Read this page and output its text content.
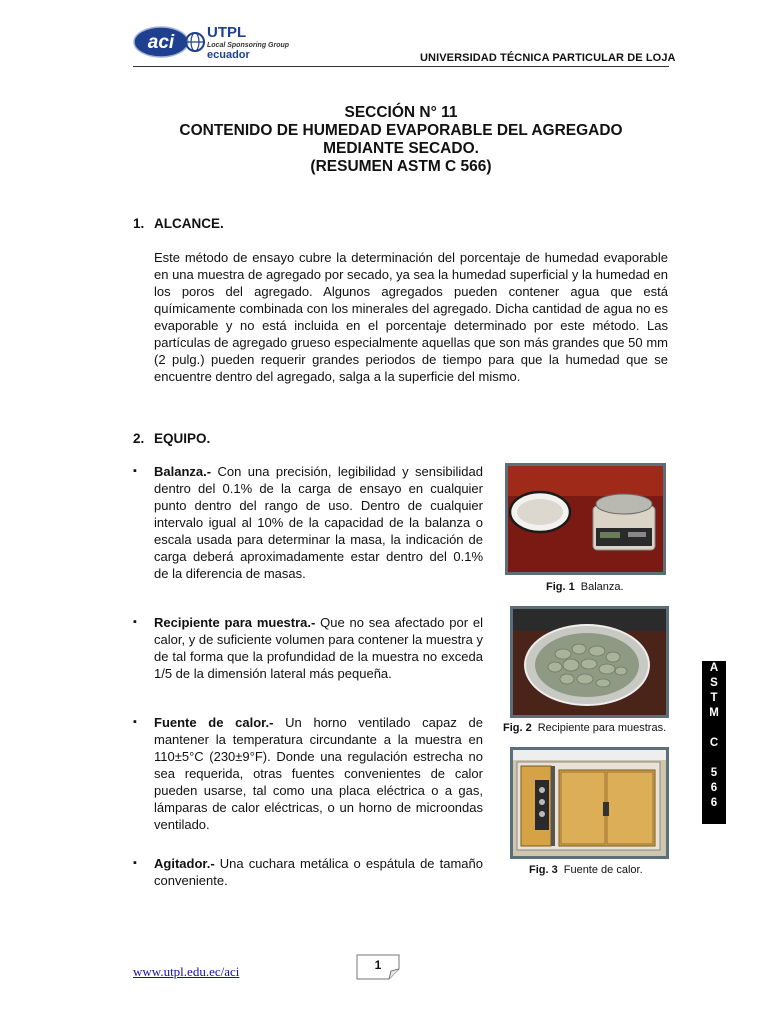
aci UTPL
Local Sponsoring Group
ecuador	UNIVERSIDAD TÉCNICA PARTICULAR DE LOJA
SECCIÓN N° 11
CONTENIDO DE HUMEDAD EVAPORABLE DEL AGREGADO
MEDIANTE SECADO.
(RESUMEN ASTM C 566)
1. ALCANCE.
Este método de ensayo cubre la determinación del porcentaje de humedad evaporable en una muestra de agregado por secado, ya sea la humedad superficial y la humedad en los poros del agregado. Algunos agregados pueden contener agua que está químicamente combinada con los minerales del agregado. Dicha cantidad de agua no es evaporable y no está incluida en el porcentaje determinado por este método. Las partículas de agregado grueso especialmente aquellas que son más grandes que 50 mm (2 pulg.) pueden requerir grandes periodos de tiempo para que la humedad que se encuentre dentro del agregado, salga a la superficie del mismo.
2. EQUIPO.
▪ Balanza.- Con una precisión, legibilidad y sensibilidad dentro del 0.1% de la carga de ensayo en cualquier punto dentro del rango de uso. Dentro de cualquier intervalo igual al 10% de la capacidad de la balanza o escala usada para determinar la masa, la indicación de carga deberá aproximadamente estar dentro del 0.1% de la diferencia de masas.
▪ Recipiente para muestra.- Que no sea afectado por el calor, y de suficiente volumen para contener la muestra y de tal forma que la profundidad de la muestra no exceda 1/5 de la dimensión lateral más pequeña.
▪ Fuente de calor.- Un horno ventilado capaz de mantener la temperatura circundante a la muestra en 110±5°C (230±9°F). Donde una regulación estrecha no sea requerida, otras fuentes convenientes de calor pueden usarse, tal como una placa eléctrica o a gas, lámparas de calor eléctricas, o un horno de microondas ventilado.
▪ Agitador.- Una cuchara metálica o espátula de tamaño conveniente.
Fig. 1 Balanza.
Fig. 2 Recipiente para muestras.
Fig. 3 Fuente de calor.
A
S
T
M
C
5
6
6
www.utpl.edu.ec/aci	1
